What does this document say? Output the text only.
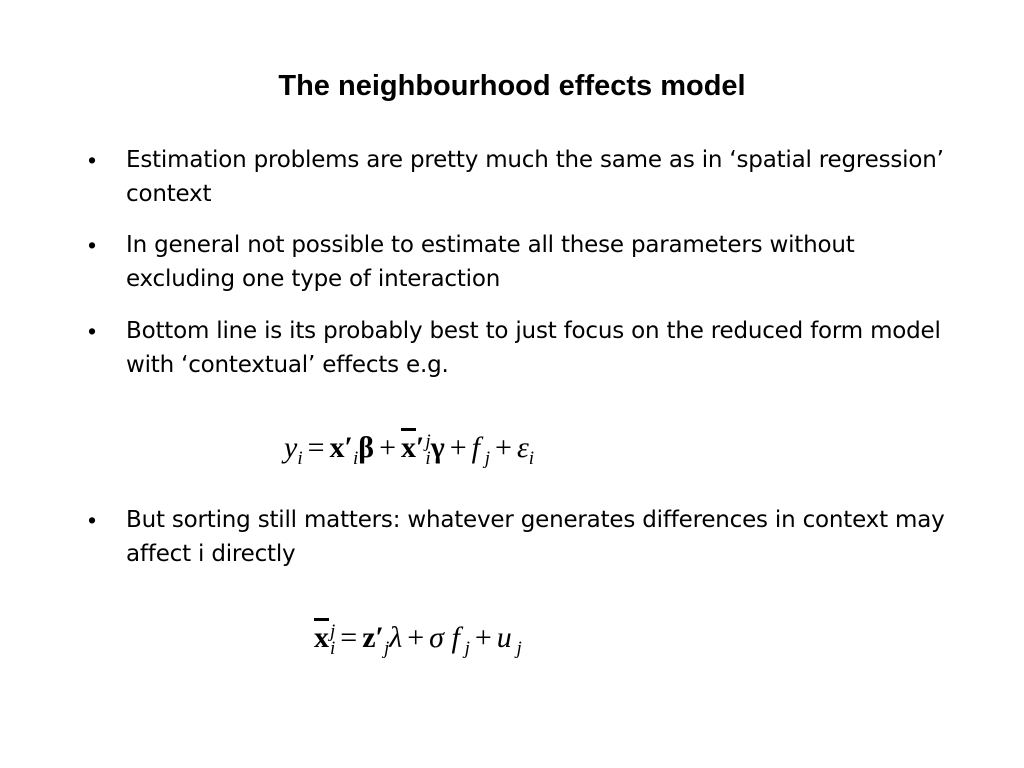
The neighbourhood effects model
• Estimation problems are pretty much the same as in ‘spatial regression’ context
• In general not possible to estimate all these parameters without excluding one type of interaction
• Bottom line is its probably best to just focus on the reduced form model with ‘contextual’ effects e.g.
$y_i = x'_i\beta + \overline{x}'$ j
i γ + f $_j + \varepsilon_i$
• But sorting still matters: whatever generates differences in context may affect i directly
$\overline{x}$ j
$i = z'_j\lambda + \sigma$ f $_j$ + u $_j$
